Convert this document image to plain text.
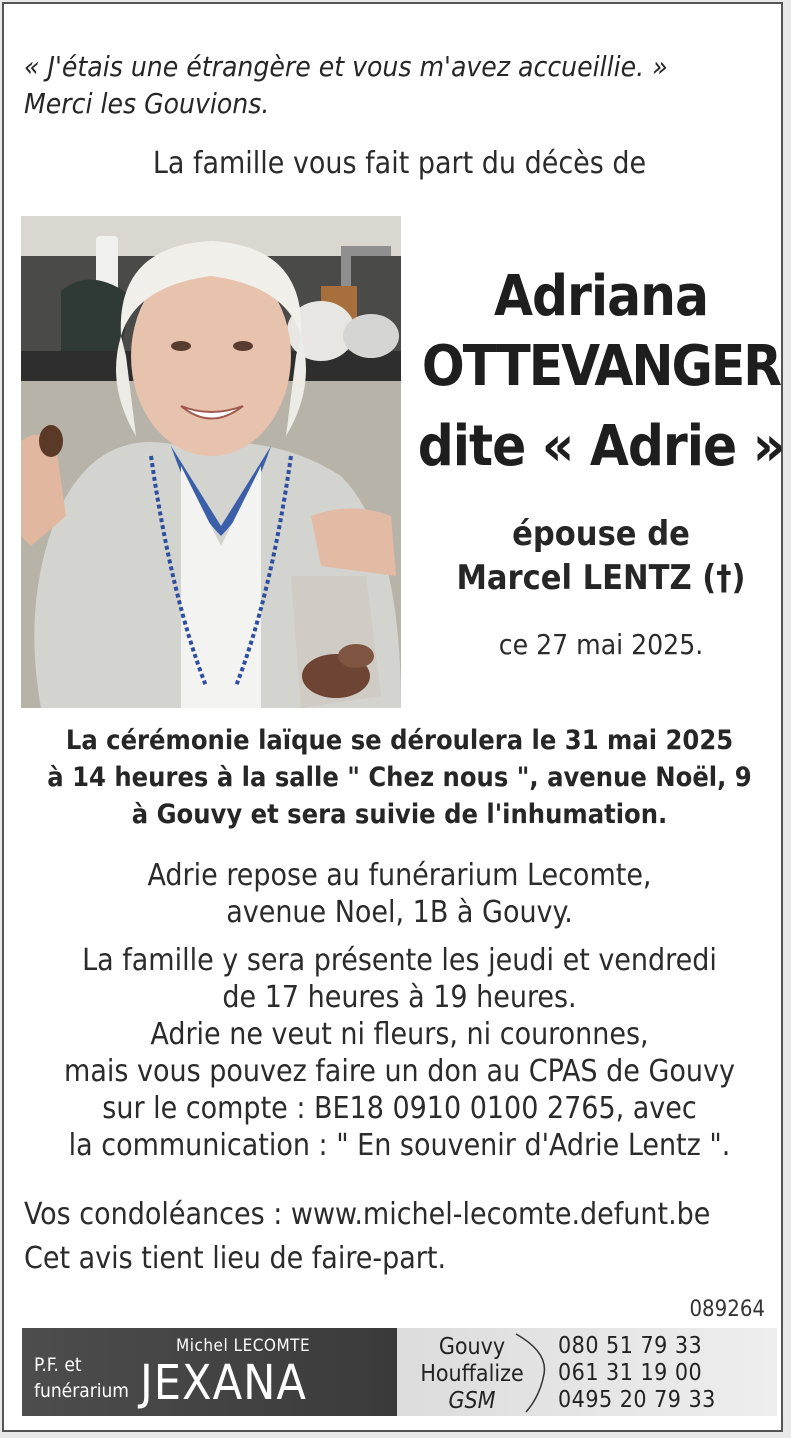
« J'étais une étrangère et vous m'avez accueillie. »
Merci les Gouvions.
La famille vous fait part du décès de
Adriana
OTTEVANGER
dite « Adrie »
épouse de
Marcel LENTZ (†)
ce 27 mai 2025.
La cérémonie laïque se déroulera le 31 mai 2025
à 14 heures à la salle " Chez nous ", avenue Noël, 9
à Gouvy et sera suivie de l'inhumation.
Adrie repose au funérarium Lecomte,
avenue Noel, 1B à Gouvy.
La famille y sera présente les jeudi et vendredi
de 17 heures à 19 heures.
Adrie ne veut ni fleurs, ni couronnes,
mais vous pouvez faire un don au CPAS de Gouvy
sur le compte : BE18 0910 0100 2765, avec
la communication : " En souvenir d'Adrie Lentz ".
Vos condoléances : www.michel-lecomte.defunt.be
Cet avis tient lieu de faire-part.
089264
P.F. et
funérarium
Michel LECOMTE
JEXANA
Gouvy
Houffalize
GSM
080 51 79 33
061 31 19 00
0495 20 79 33
